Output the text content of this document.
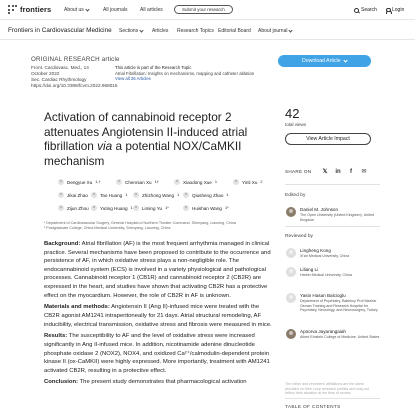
frontiers	About us	All journals	All articles	Submit your research	Search	Login
Frontiers in Cardiovascular Medicine Sections	Articles Research Topics Editorial Board About journal
ORIGINAL RESEARCH article
Front. Cardiovasc. Med., 14 October 2022
Sec. Cardiac Rhythmology
https://doi.org/10.3389/fcvm.2022.968015
This article is part of the Research Topic
Atrial Fibrillation: Insights on mechanisms, mapping and catheter ablation
View all 26 Articles
Activation of cannabinoid receptor 2 attenuates Angiotensin II-induced atrial fibrillation via a potential NOX/CaMKII mechanism
Dengyue Xu 1,†	Chennian Xu 1†	Xiaodong Xue 1	Yinli Xu 2
Jikai Zhao	Tao Huang 1	Zhizhong Wang 1	Qiusheng Zhao 1
Zijun Zhou Yuting Huang 1 Liming Yu 1*	Huishan Wang 1*
¹ Department of Cardiovascular Surgery, General Hospital of Northern Theater Command, Shenyang, Liaoning, China
² Postgraduate College, China Medical University, Shenyang, Liaoning, China

Background: Atrial fibrillation (AF) is the most frequent arrhythmia managed in clinical practice. Several mechanisms have been proposed to contribute to the occurrence and persistence of AF, in which oxidative stress plays a non-negligible role. The endocannabinoid system (ECS) is involved in a variety physiological and pathological processes. Cannabinoid receptor 1 (CB1R) and cannabinoid receptor 2 (CB2R) are expressed in the heart, and studies have shown that activating CB2R has a protective effect on the myocardium. However, the role of CB2R in AF is unknown.

Materials and methods: Angiotensin II (Ang II)-infused mice were treated with the CB2R agonist AM1241 intraperitoneally for 21 days. Atrial structural remodeling, AF inducibility, electrical transmission, oxidative stress and fibrosis were measured in mice.

Results: The susceptibility to AF and the level of oxidative stress were increased significantly in Ang II-infused mice. In addition, nicotinamide adenine dinucleotide phosphate oxidase 2 (NOX2), NOX4, and oxidized Ca²⁺/calmodulin-dependent protein kinase II (ox-CaMKII) were highly expressed. More importantly, treatment with AM1241 activated CB2R, resulting in a protective effect.

Conclusion: The present study demonstrates that pharmacological activation

Download Article
42
total views
View Article Impact
SHARE ON 𝕏 in	f	✉
Edited by
Daniel M. Johnson
The Open University (United Kingdom), United Kingdom
Reviewed by
Lingheng Kong
Xi'an Medical University, China
Liliang Li
Harbin Medical University, China
Yasin Hasan Balcioglu
Department of Psychiatry, Bakirkoy Prof Mazhar Osman Training and Research Hospital for Psychiatry, Neurology, and Neurosurgery, Turkey
Apoorva Jayarangaiah
Albert Einstein College of Medicine, United States
The editor and reviewers' affiliations are the latest provided on their Loop research profiles and may not reflect their situation at the time of review.
TABLE OF CONTENTS
